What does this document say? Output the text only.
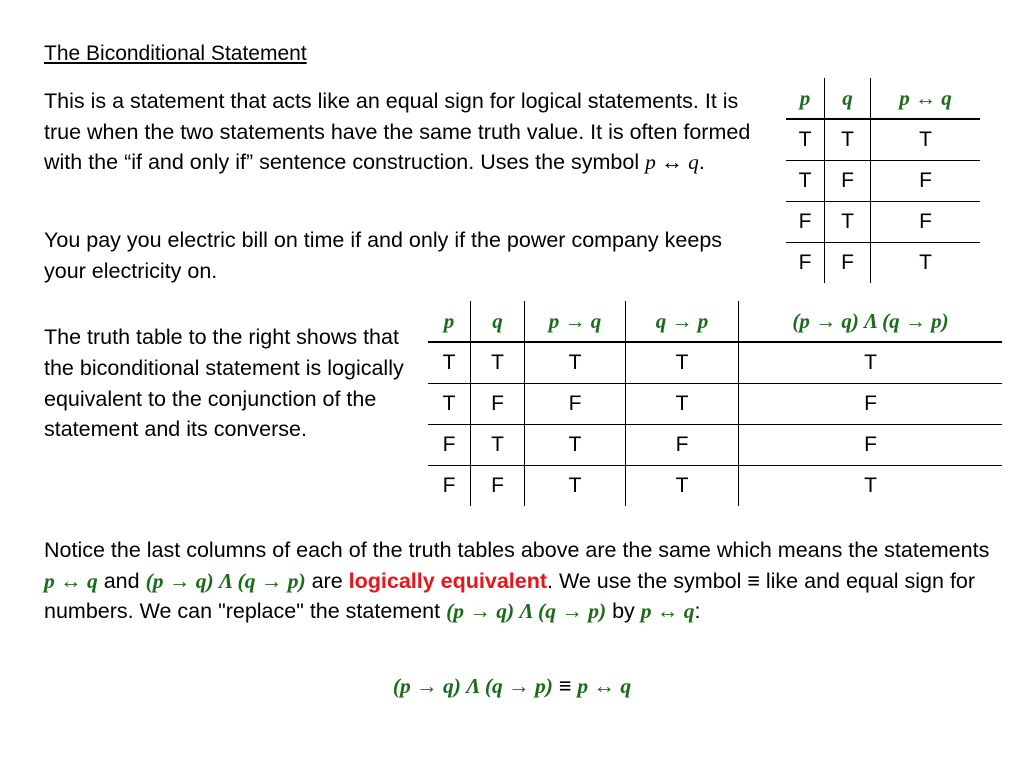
The Biconditional Statement
This is a statement that acts like an equal sign for logical statements. It is true when the two statements have the same truth value. It is often formed with the “if and only if” sentence construction. Uses the symbol p ↔ q.
You pay you electric bill on time if and only if the power company keeps your electricity on.
The truth table to the right shows that the biconditional statement is logically equivalent to the conjunction of the statement and its converse.
p	q	p ↔ q
T	T	T
T	F	F
F	T	F
F	F	T
p	q	p → q	q → p	(p → q) Λ (q → p)
T	T	T	T	T
T	F	F	T	F
F	T	T	F	F
F	F	T	T	T
Notice the last columns of each of the truth tables above are the same which means the statements p ↔ q and (p → q) Λ (q → p) are logically equivalent. We use the symbol ≡ like and equal sign for numbers. We can "replace" the statement (p → q) Λ (q → p) by p ↔ q:
(p → q) Λ (q → p) ≡ p ↔ q
